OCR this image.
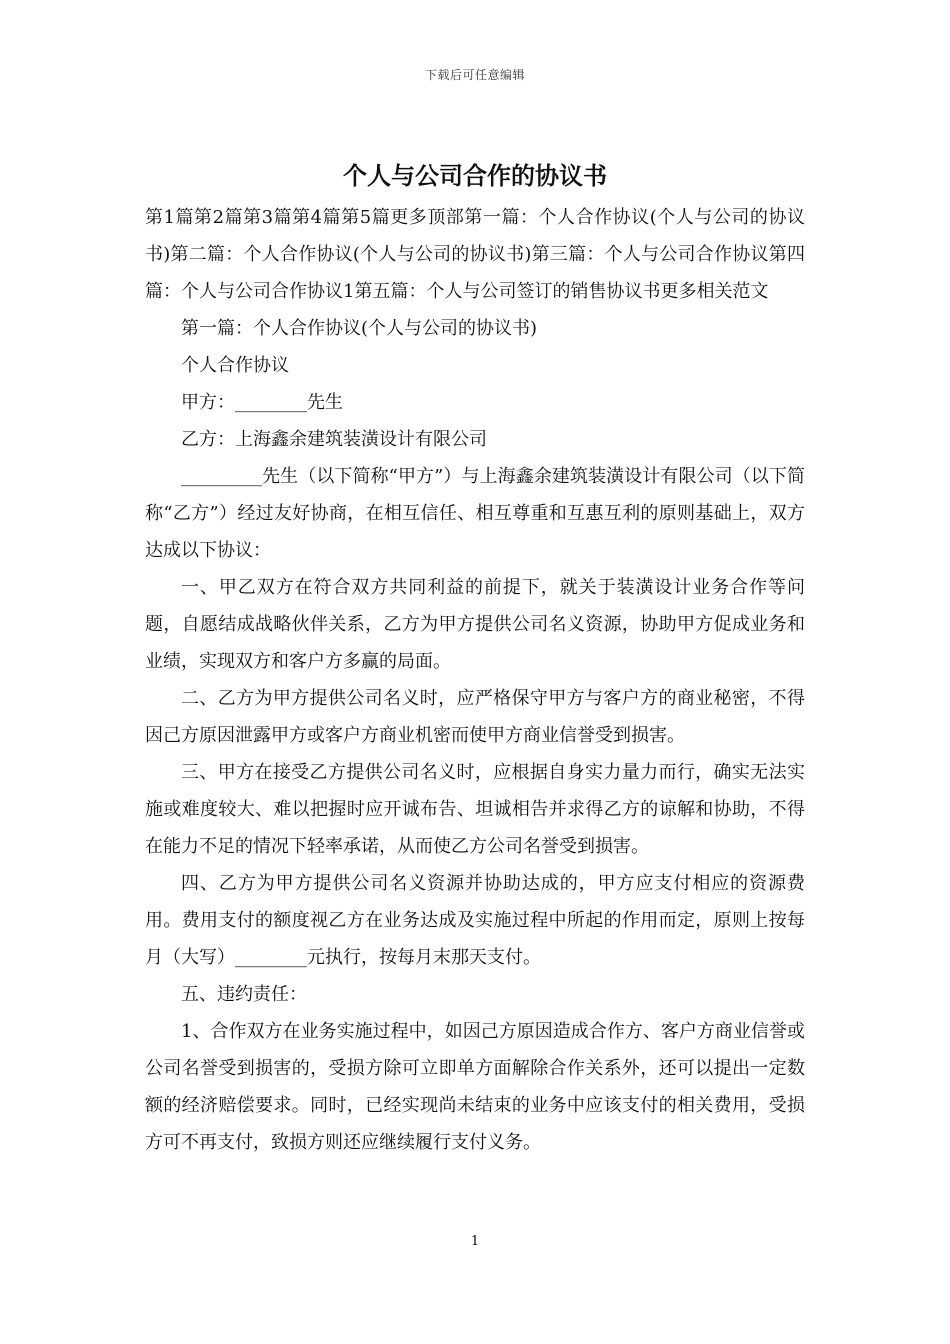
下载后可任意编辑
个人与公司合作的协议书

第1篇第2篇第3篇第4篇第5篇更多顶部第一篇：个人合作协议(个人与公司的协议书)第二篇：个人合作协议(个人与公司的协议书)第三篇：个人与公司合作协议第四篇：个人与公司合作协议1第五篇：个人与公司签订的销售协议书更多相关范文

第一篇：个人合作协议(个人与公司的协议书)

个人合作协议

甲方：________先生

乙方：上海鑫余建筑装潢设计有限公司

_________先生（以下简称“甲方”）与上海鑫余建筑装潢设计有限公司（以下简称“乙方”）经过友好协商，在相互信任、相互尊重和互惠互利的原则基础上，双方达成以下协议：

一、甲乙双方在符合双方共同利益的前提下，就关于装潢设计业务合作等问题，自愿结成战略伙伴关系，乙方为甲方提供公司名义资源，协助甲方促成业务和业绩，实现双方和客户方多赢的局面。

二、乙方为甲方提供公司名义时，应严格保守甲方与客户方的商业秘密，不得因己方原因泄露甲方或客户方商业机密而使甲方商业信誉受到损害。

三、甲方在接受乙方提供公司名义时，应根据自身实力量力而行，确实无法实施或难度较大、难以把握时应开诚布告、坦诚相告并求得乙方的谅解和协助，不得在能力不足的情况下轻率承诺，从而使乙方公司名誉受到损害。

四、乙方为甲方提供公司名义资源并协助达成的，甲方应支付相应的资源费用。费用支付的额度视乙方在业务达成及实施过程中所起的作用而定，原则上按每月（大写）________元执行，按每月末那天支付。

五、违约责任：

1、合作双方在业务实施过程中，如因己方原因造成合作方、客户方商业信誉或公司名誉受到损害的，受损方除可立即单方面解除合作关系外，还可以提出一定数额的经济赔偿要求。同时，已经实现尚未结束的业务中应该支付的相关费用，受损方可不再支付，致损方则还应继续履行支付义务。

1
